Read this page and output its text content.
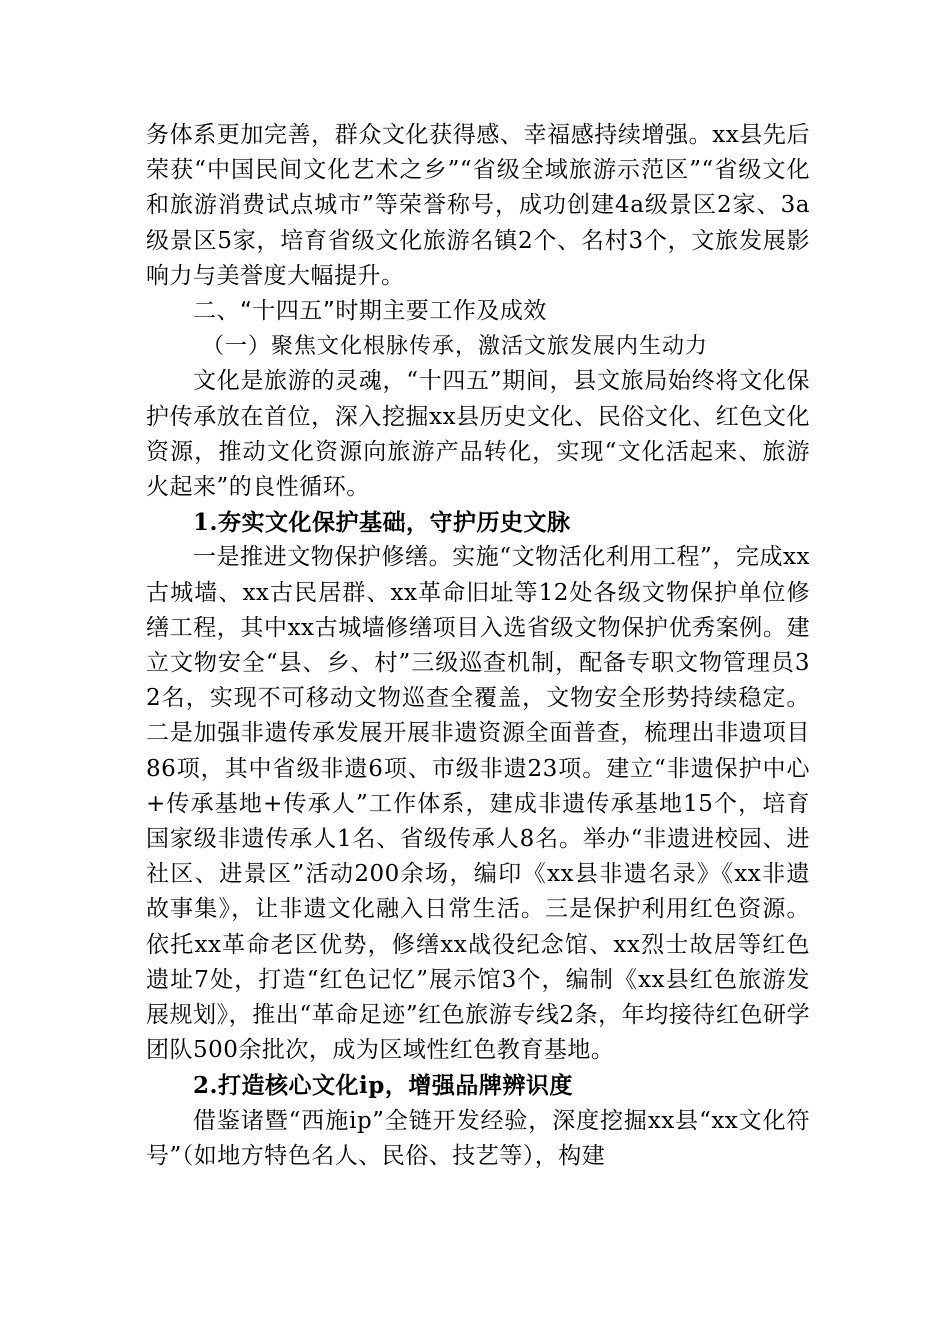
务体系更加完善，群众文化获得感、幸福感持续增强。xx县先后荣获“中国民间文化艺术之乡”“省级全域旅游示范区”“省级文化和旅游消费试点城市”等荣誉称号，成功创建4a级景区2家、3a级景区5家，培育省级文化旅游名镇2个、名村3个，文旅发展影响力与美誉度大幅提升。

二、“十四五”时期主要工作及成效

（一）聚焦文化根脉传承，激活文旅发展内生动力

文化是旅游的灵魂，“十四五”期间，县文旅局始终将文化保护传承放在首位，深入挖掘xx县历史文化、民俗文化、红色文化资源，推动文化资源向旅游产品转化，实现“文化活起来、旅游火起来”的良性循环。

1.夯实文化保护基础，守护历史文脉

一是推进文物保护修缮。实施“文物活化利用工程”，完成xx古城墙、xx古民居群、xx革命旧址等12处各级文物保护单位修缮工程，其中xx古城墙修缮项目入选省级文物保护优秀案例。建立文物安全“县、乡、村”三级巡查机制，配备专职文物管理员32名，实现不可移动文物巡查全覆盖，文物安全形势持续稳定。二是加强非遗传承发展开展非遗资源全面普查，梳理出非遗项目86项，其中省级非遗6项、市级非遗23项。建立“非遗保护中心+传承基地+传承人”工作体系，建成非遗传承基地15个，培育国家级非遗传承人1名、省级传承人8名。举办“非遗进校园、进社区、进景区”活动200余场，编印《xx县非遗名录》《xx非遗故事集》，让非遗文化融入日常生活。三是保护利用红色资源。依托xx革命老区优势，修缮xx战役纪念馆、xx烈士故居等红色遗址7处，打造“红色记忆”展示馆3个，编制《xx县红色旅游发展规划》，推出“革命足迹”红色旅游专线2条，年均接待红色研学团队500余批次，成为区域性红色教育基地。

2.打造核心文化ip，增强品牌辨识度

借鉴诸暨“西施ip”全链开发经验，深度挖掘xx县“xx文化符号”（如地方特色名人、民俗、技艺等），构建
